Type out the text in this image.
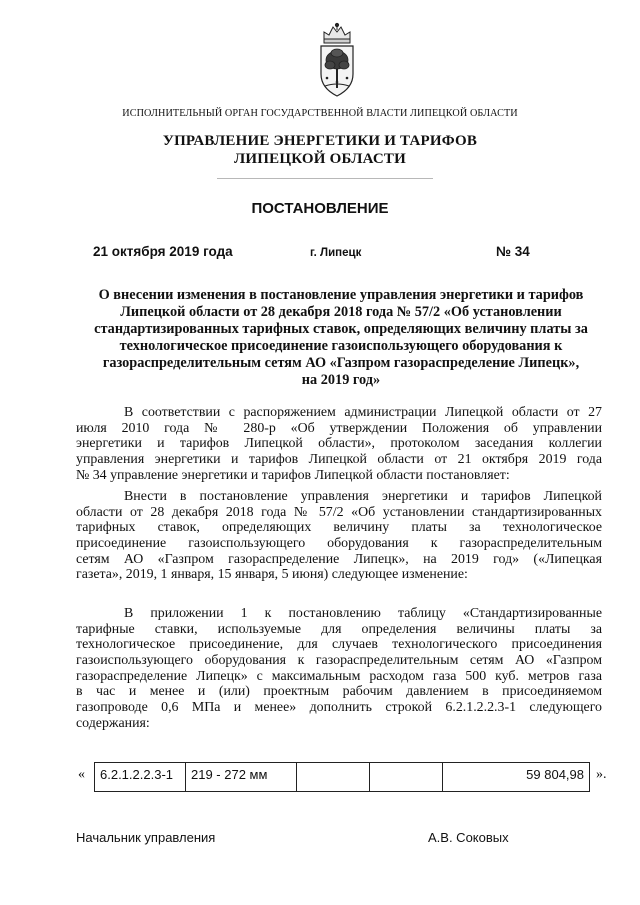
ИСПОЛНИТЕЛЬНЫЙ ОРГАН ГОСУДАРСТВЕННОЙ ВЛАСТИ ЛИПЕЦКОЙ ОБЛАСТИ
УПРАВЛЕНИЕ ЭНЕРГЕТИКИ И ТАРИФОВ
ЛИПЕЦКОЙ ОБЛАСТИ
ПОСТАНОВЛЕНИЕ
21 октября 2019 года	г. Липецк	№ 34
О внесении изменения в постановление управления энергетики и тарифов
Липецкой области от 28 декабря 2018 года № 57/2 «Об установлении
стандартизированных тарифных ставок, определяющих величину платы за
технологическое присоединение газоиспользующего оборудования к
газораспределительным сетям АО «Газпром газораспределение Липецк»,
на 2019 год»
В соответствии с распоряжением администрации Липецкой области от 27
июля 2010 года № 280-р «Об утверждении Положения об управлении
энергетики и тарифов Липецкой области», протоколом заседания коллегии
управления энергетики и тарифов Липецкой области от 21 октября 2019 года
№ 34 управление энергетики и тарифов Липецкой области постановляет:
Внести в постановление управления энергетики и тарифов Липецкой
области от 28 декабря 2018 года № 57/2 «Об установлении стандартизированных
тарифных ставок, определяющих величину платы за технологическое
присоединение газоиспользующего оборудования к газораспределительным
сетям АО «Газпром газораспределение Липецк», на 2019 год» («Липецкая
газета», 2019, 1 января, 15 января, 5 июня) следующее изменение:
В приложении 1 к постановлению таблицу «Стандартизированные
тарифные ставки, используемые для определения величины платы за
технологическое присоединение, для случаев технологического присоединения
газоиспользующего оборудования к газораспределительным сетям АО «Газпром
газораспределение Липецк» с максимальным расходом газа 500 куб. метров газа
в час и менее и (или) проектным рабочим давлением в присоединяемом
газопроводе 0,6 МПа и менее» дополнить строкой 6.2.1.2.2.3-1 следующего
содержания:
« 6.2.1.2.2.3-1	219 - 272 мм			59 804,98 ».
Начальник управления	А.В. Соковых
